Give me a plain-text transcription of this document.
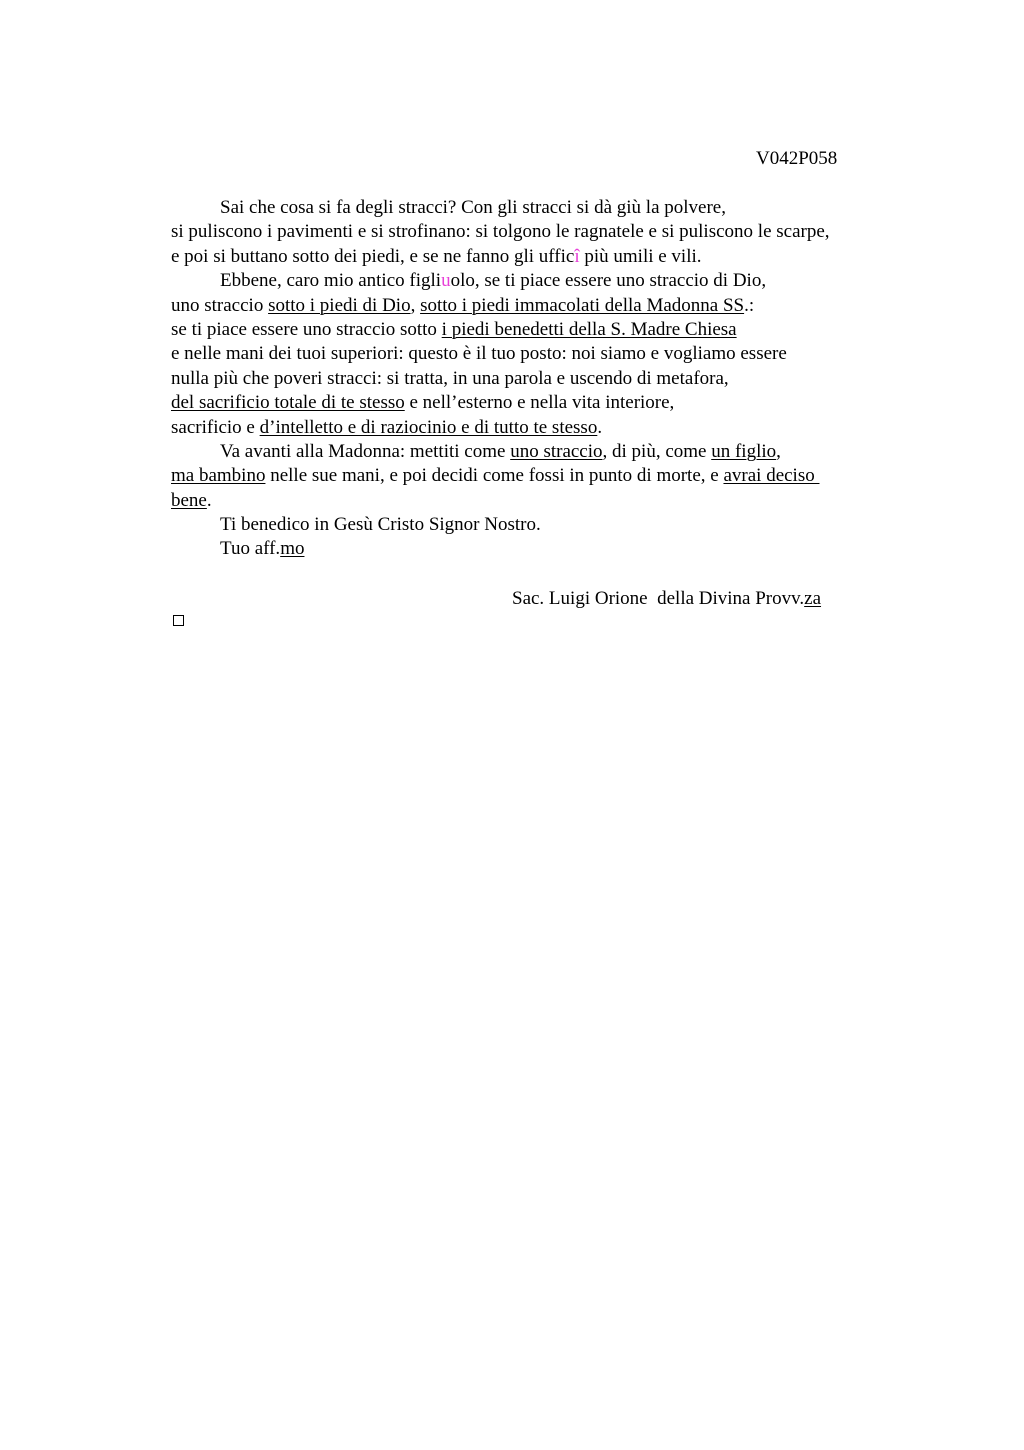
V042P058
Sai che cosa si fa degli stracci? Con gli stracci si dà giù la polvere,
si puliscono i pavimenti e si strofinano: si tolgono le ragnatele e si puliscono le scarpe,
e poi si buttano sotto dei piedi, e se ne fanno gli ufficî più umili e vili.
Ebbene, caro mio antico figliuolo, se ti piace essere uno straccio di Dio,
uno straccio sotto i piedi di Dio, sotto i piedi immacolati della Madonna SS.:
se ti piace essere uno straccio sotto i piedi benedetti della S. Madre Chiesa
e nelle mani dei tuoi superiori: questo è il tuo posto: noi siamo e vogliamo essere
nulla più che poveri stracci: si tratta, in una parola e uscendo di metafora,
del sacrificio totale di te stesso e nell’esterno e nella vita interiore,
sacrificio e d’intelletto e di raziocinio e di tutto te stesso.
Va avanti alla Madonna: mettiti come uno straccio, di più, come un figlio,
ma bambino nelle sue mani, e poi decidi come fossi in punto di morte, e avrai deciso
bene.
Ti benedico in Gesù Cristo Signor Nostro.
Tuo aff.mo
Sac. Luigi Orione  della Divina Provv.za
